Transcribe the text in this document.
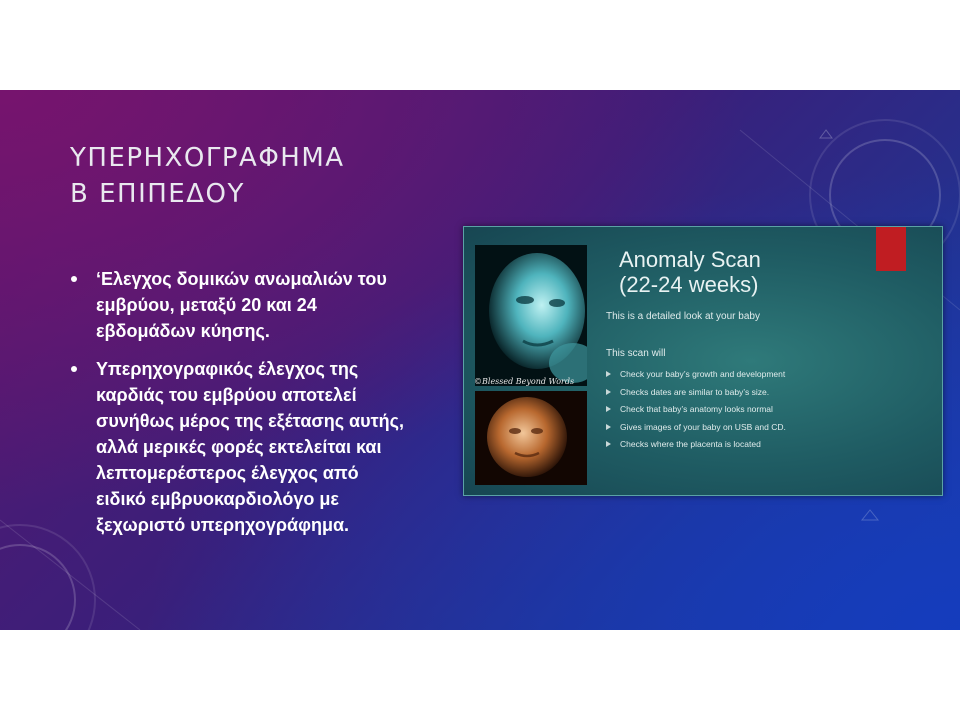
ΥΠΕΡΗΧΟΓΡΑΦΗΜΑ
Β ΕΠΙΠΕΔΟΥ
‘Ελεγχος δομικών ανωμαλιών του εμβρύου, μεταξύ 20 και 24 εβδομάδων κύησης.
Υπερηχογραφικός έλεγχος της καρδιάς του εμβρύου αποτελεί συνήθως μέρος της εξέτασης αυτής, αλλά μερικές φορές εκτελείται και λεπτομερέστερος έλεγχος από ειδικό εμβρυοκαρδιολόγο με ξεχωριστό υπερηχογράφημα.
©Blessed Beyond Words
Anomaly Scan
(22-24 weeks)
This is a detailed look at your baby
This scan will
Check your baby’s growth and development
Checks dates are similar to baby’s size.
Check that baby’s anatomy looks normal
Gives images of your baby on USB and CD.
Checks where the placenta is located
